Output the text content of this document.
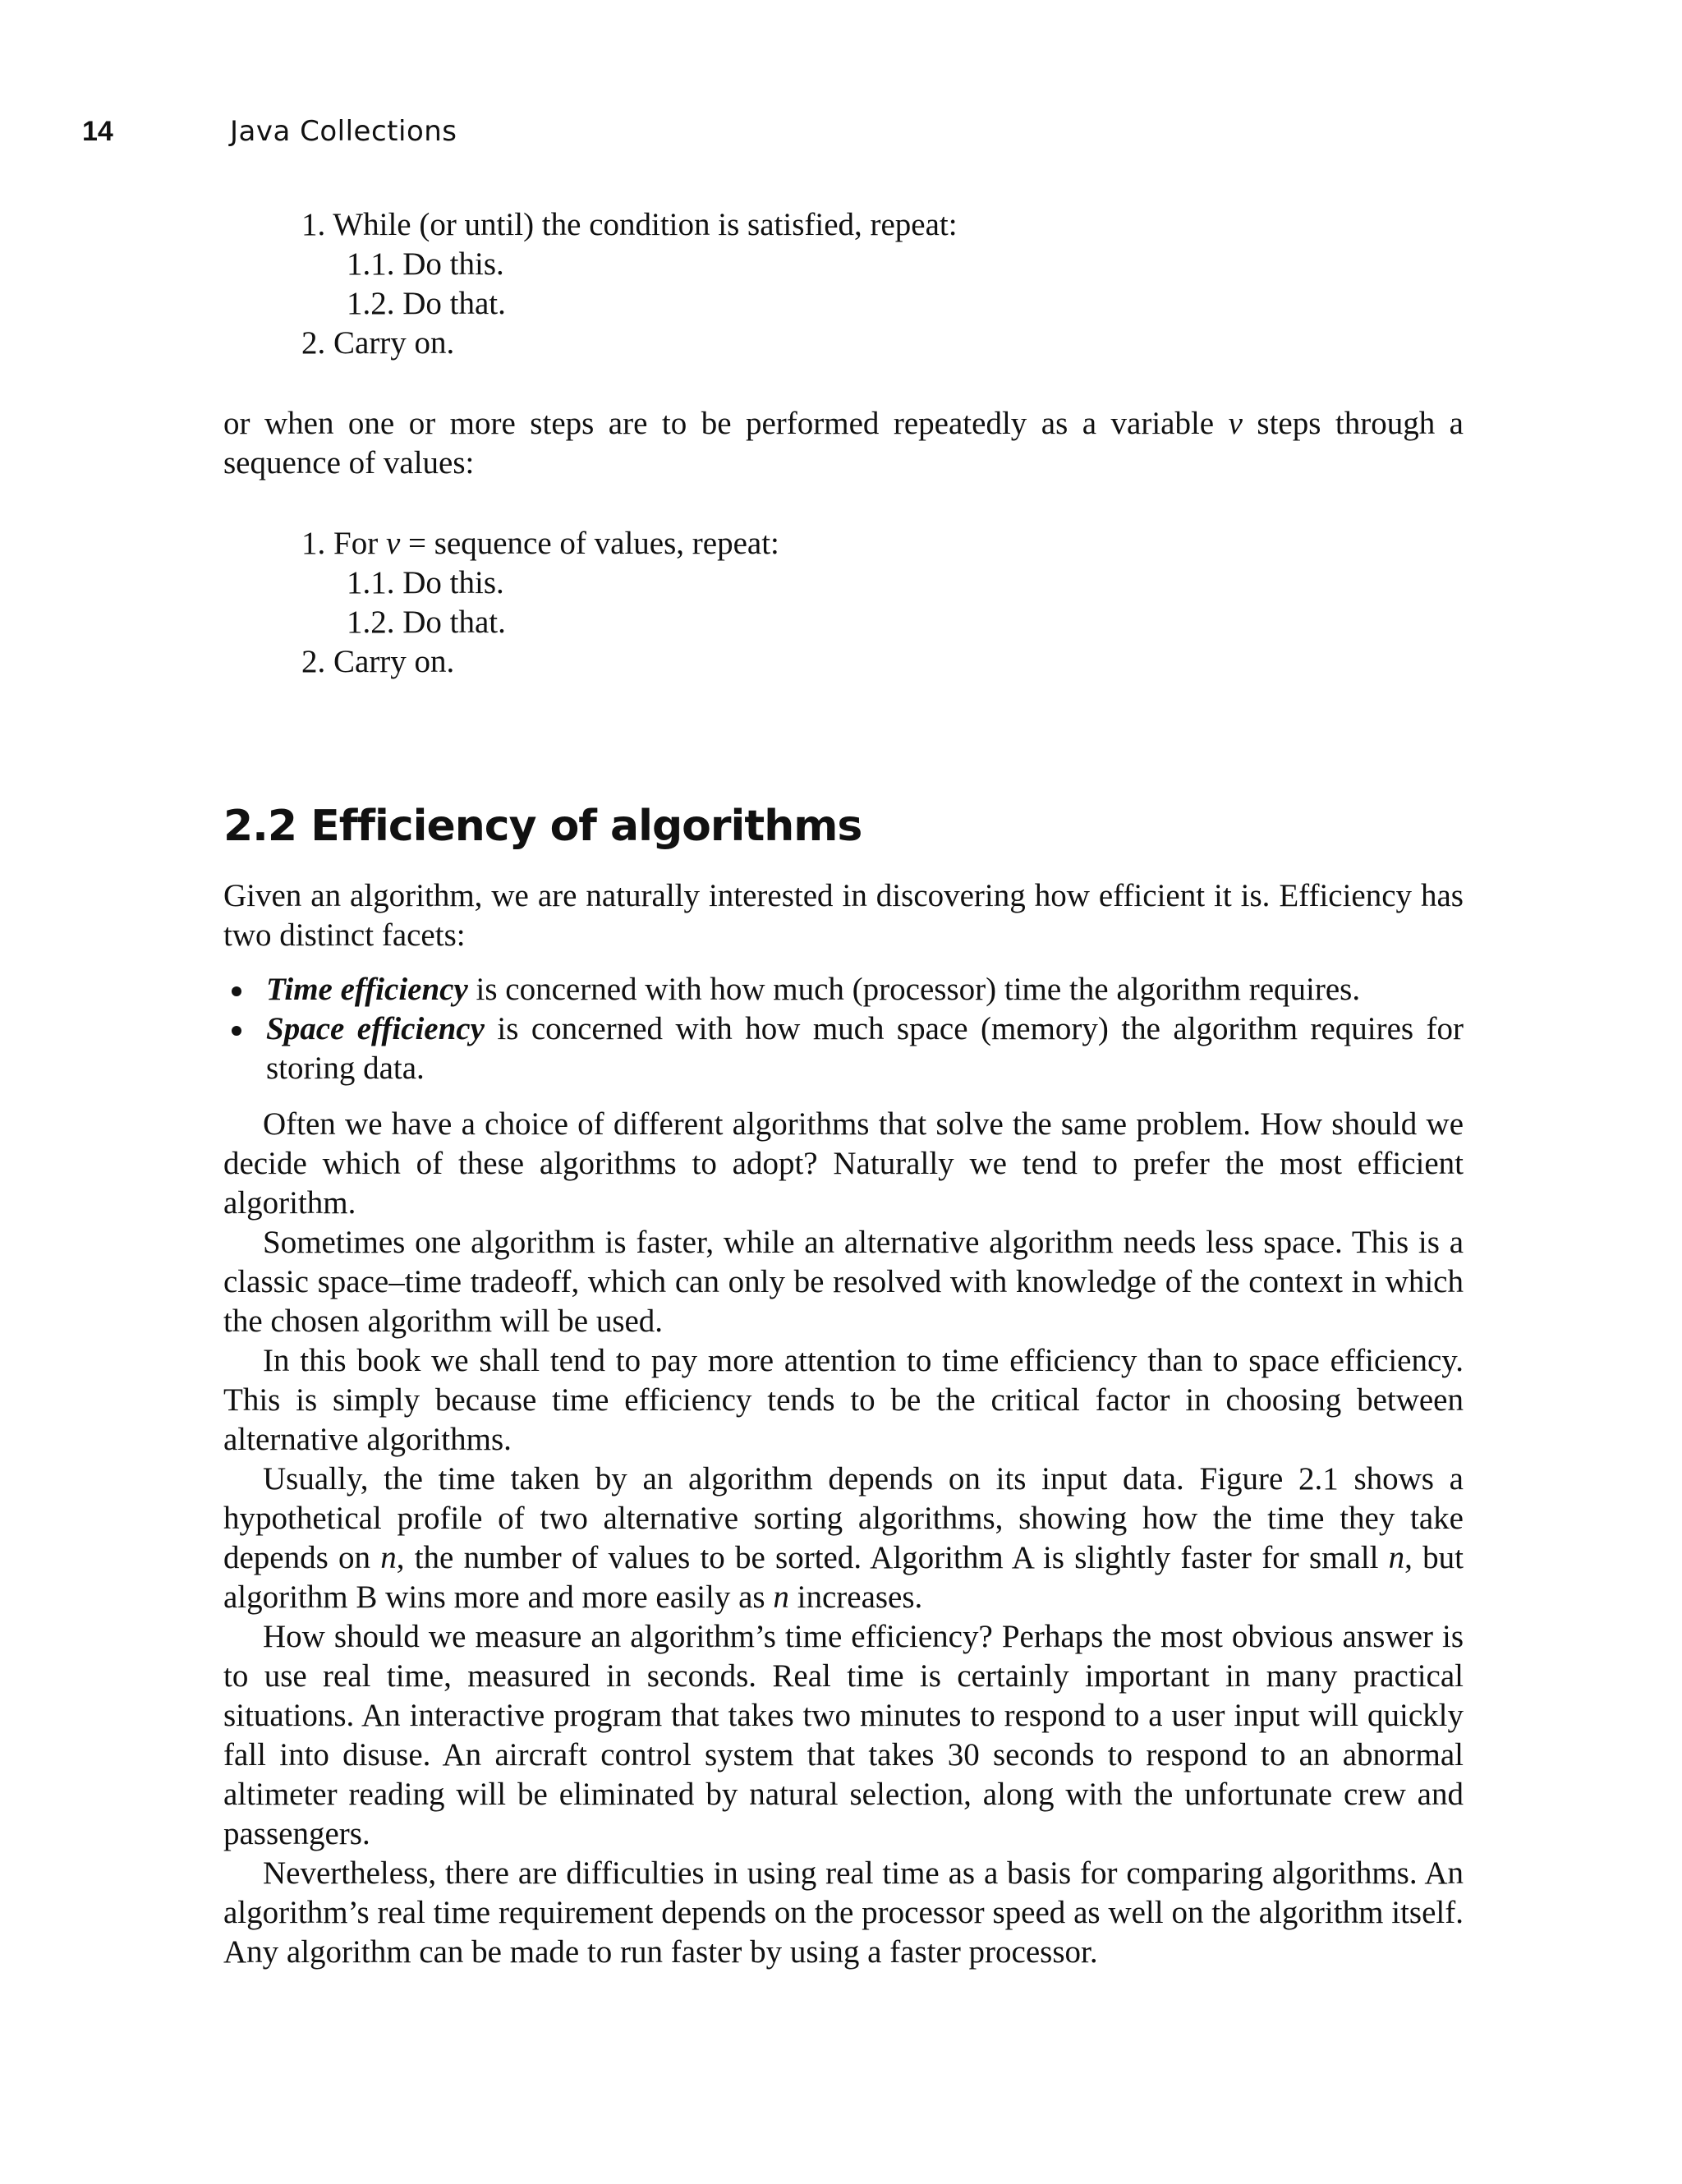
14	Java Collections
1. While (or until) the condition is satisfied, repeat:
1.1. Do this.
1.2. Do that.
2. Carry on.

or when one or more steps are to be performed repeatedly as a variable v steps through a sequence of values:

1. For v = sequence of values, repeat:
1.1. Do this.
1.2. Do that.
2. Carry on.
2.2 Efficiency of algorithms

Given an algorithm, we are naturally interested in discovering how efficient it is. Efficiency has two distinct facets:

Time efficiency is concerned with how much (processor) time the algorithm requires.
Space efficiency is concerned with how much space (memory) the algorithm requires for storing data.

Often we have a choice of different algorithms that solve the same problem. How should we decide which of these algorithms to adopt? Naturally we tend to prefer the most efficient algorithm.

Sometimes one algorithm is faster, while an alternative algorithm needs less space. This is a classic space–time tradeoff, which can only be resolved with knowledge of the context in which the chosen algorithm will be used.

In this book we shall tend to pay more attention to time efficiency than to space efficiency. This is simply because time efficiency tends to be the critical factor in choosing between alternative algorithms.

Usually, the time taken by an algorithm depends on its input data. Figure 2.1 shows a hypothetical profile of two alternative sorting algorithms, showing how the time they take depends on n, the number of values to be sorted. Algorithm A is slightly faster for small n, but algorithm B wins more and more easily as n increases.

How should we measure an algorithm’s time efficiency? Perhaps the most obvious answer is to use real time, measured in seconds. Real time is certainly important in many practical situations. An interactive program that takes two minutes to respond to a user input will quickly fall into disuse. An aircraft control system that takes 30 seconds to respond to an abnormal altimeter reading will be eliminated by natural selection, along with the unfortunate crew and passengers.

Nevertheless, there are difficulties in using real time as a basis for comparing algorithms. An algorithm’s real time requirement depends on the processor speed as well on the algorithm itself. Any algorithm can be made to run faster by using a faster processor.
